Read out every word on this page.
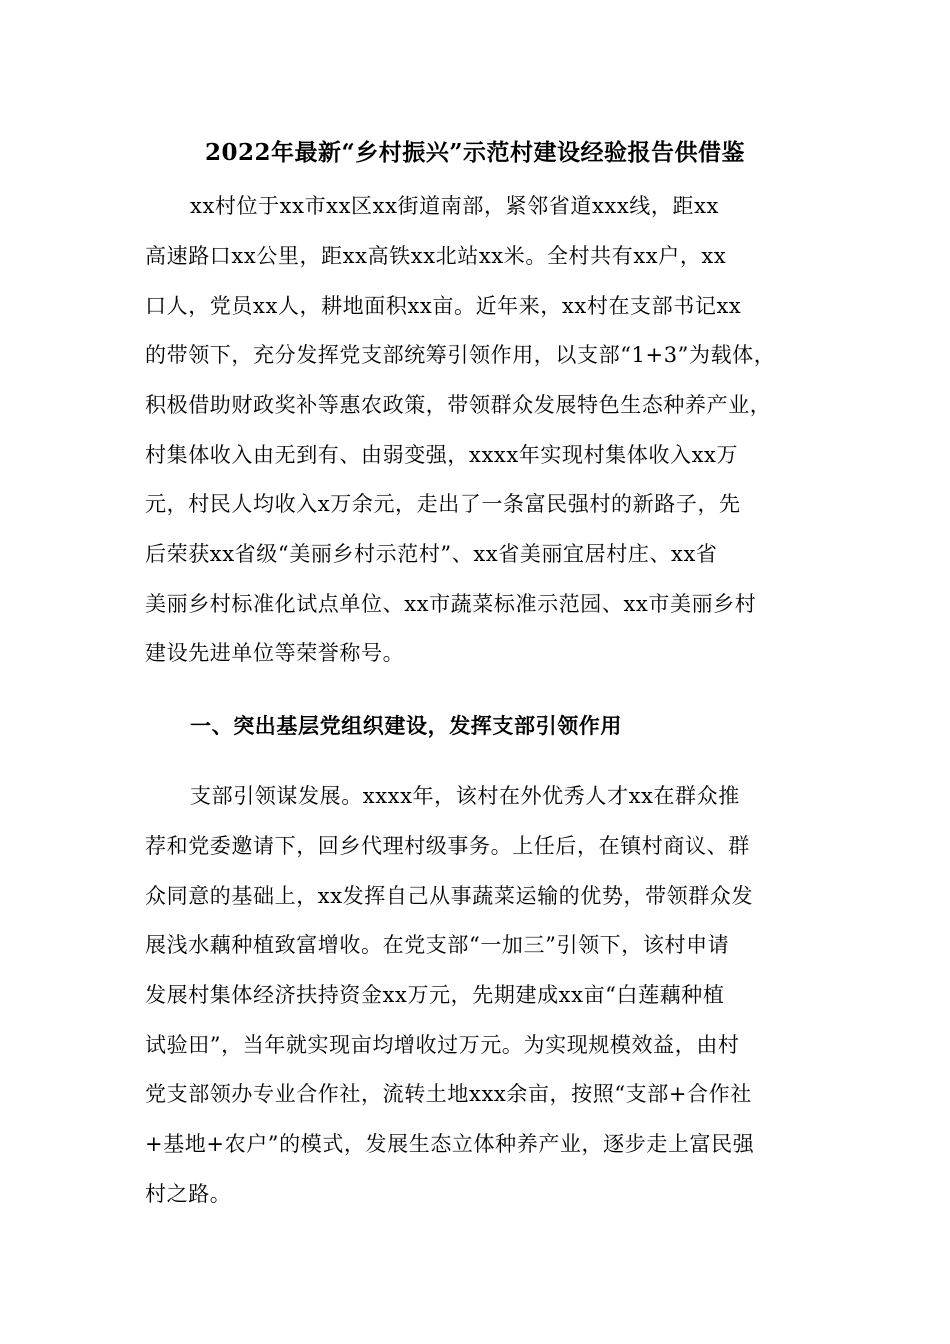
2022年最新“乡村振兴”示范村建设经验报告供借鉴
xx村位于xx市xx区xx街道南部，紧邻省道xxx线，距xx
高速路口xx公里，距xx高铁xx北站xx米。全村共有xx户，xx
口人，党员xx人，耕地面积xx亩。近年来，xx村在支部书记xx
的带领下，充分发挥党支部统筹引领作用，以支部“1+3”为载体，
积极借助财政奖补等惠农政策，带领群众发展特色生态种养产业，
村集体收入由无到有、由弱变强，xxxx年实现村集体收入xx万
元，村民人均收入x万余元，走出了一条富民强村的新路子，先
后荣获xx省级“美丽乡村示范村”、xx省美丽宜居村庄、xx省
美丽乡村标准化试点单位、xx市蔬菜标准示范园、xx市美丽乡村
建设先进单位等荣誉称号。
一、突出基层党组织建设，发挥支部引领作用
支部引领谋发展。xxxx年，该村在外优秀人才xx在群众推
荐和党委邀请下，回乡代理村级事务。上任后，在镇村商议、群
众同意的基础上，xx发挥自己从事蔬菜运输的优势，带领群众发
展浅水藕种植致富增收。在党支部“一加三”引领下，该村申请
发展村集体经济扶持资金xx万元，先期建成xx亩“白莲藕种植
试验田”，当年就实现亩均增收过万元。为实现规模效益，由村
党支部领办专业合作社，流转土地xxx余亩，按照“支部+合作社
+基地+农户”的模式，发展生态立体种养产业，逐步走上富民强
村之路。
